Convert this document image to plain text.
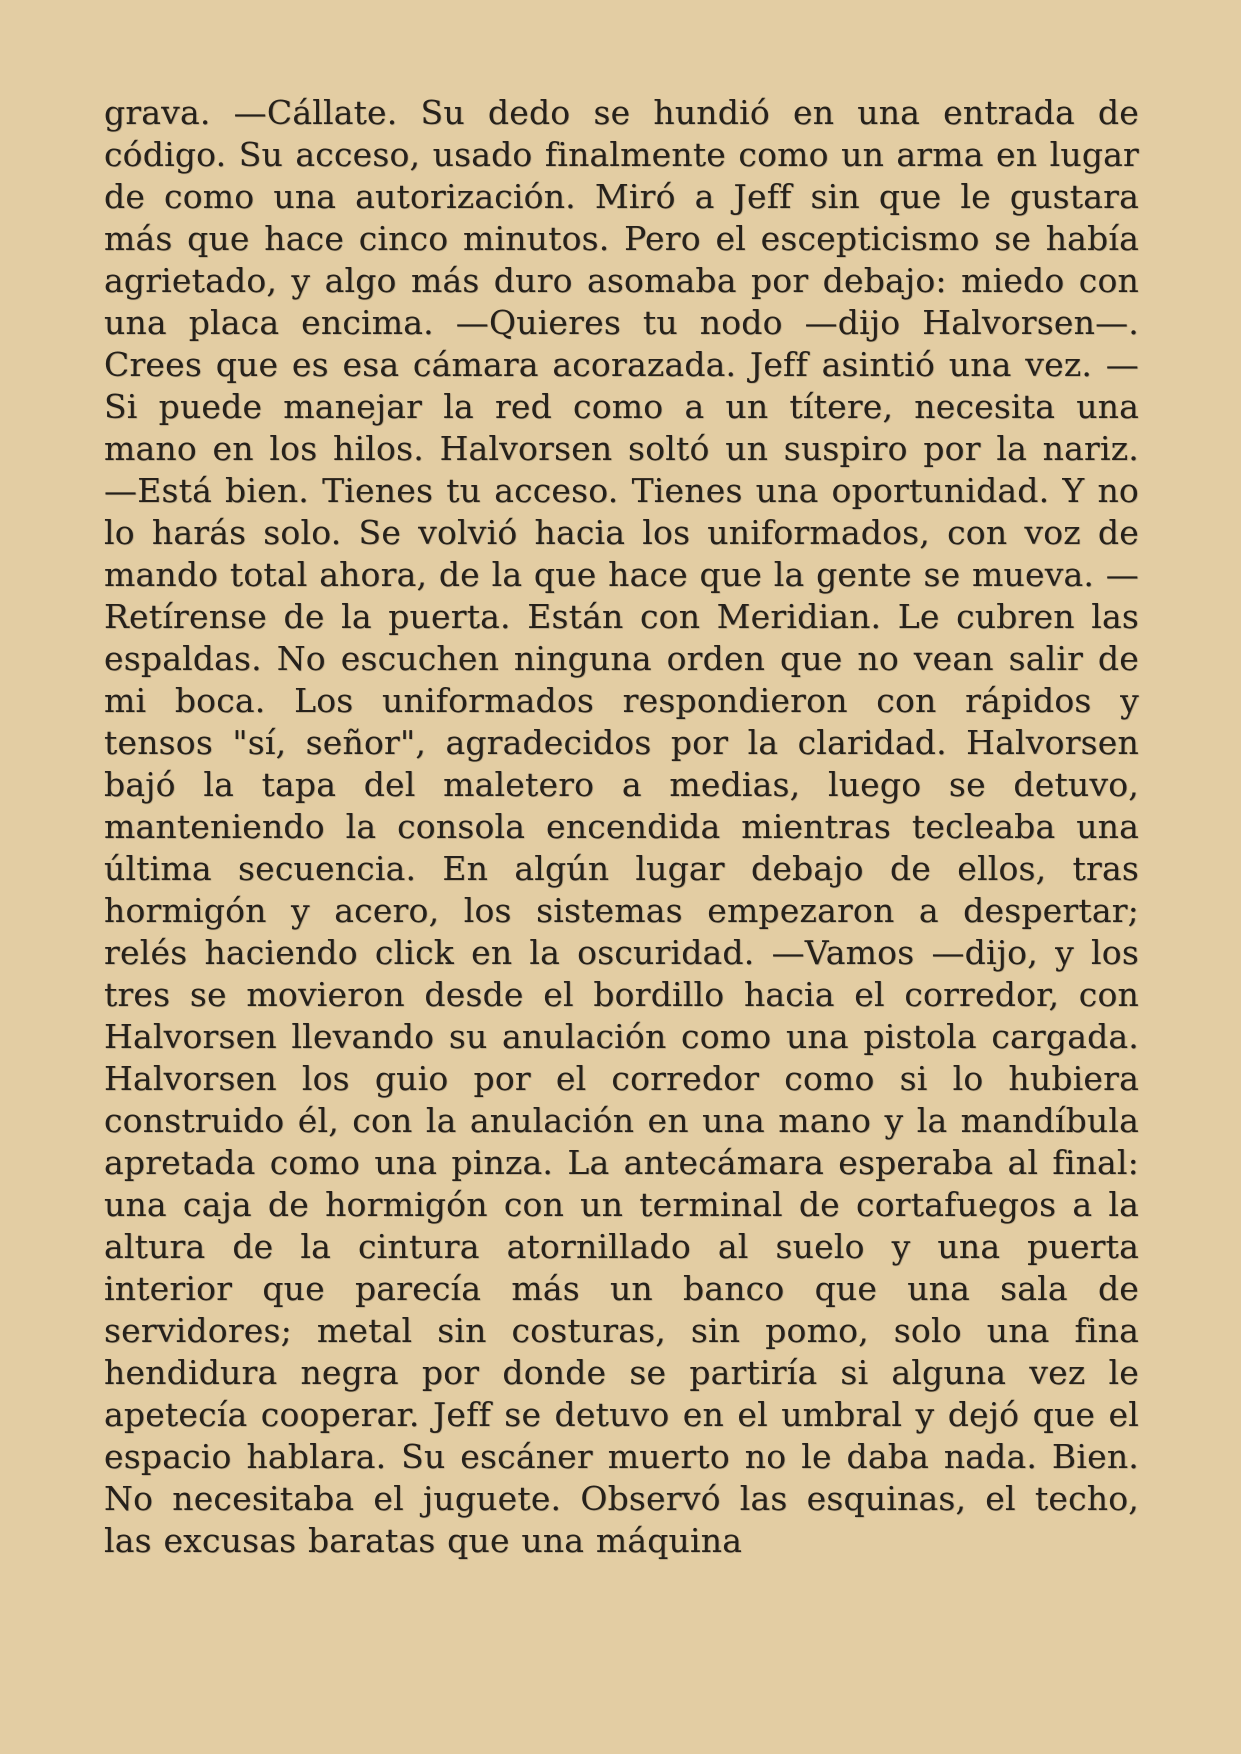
grava. —Cállate. Su dedo se hundió en una entrada de código. Su acceso, usado finalmente como un arma en lugar de como una autorización. Miró a Jeff sin que le gustara más que hace cinco minutos. Pero el escepticismo se había agrietado, y algo más duro asomaba por debajo: miedo con una placa encima. —Quieres tu nodo —dijo Halvorsen—. Crees que es esa cámara acorazada. Jeff asintió una vez. —Si puede manejar la red como a un títere, necesita una mano en los hilos. Halvorsen soltó un suspiro por la nariz. —Está bien. Tienes tu acceso. Tienes una oportunidad. Y no lo harás solo. Se volvió hacia los uniformados, con voz de mando total ahora, de la que hace que la gente se mueva. —Retírense de la puerta. Están con Meridian. Le cubren las espaldas. No escuchen ninguna orden que no vean salir de mi boca. Los uniformados respondieron con rápidos y tensos "sí, señor", agradecidos por la claridad. Halvorsen bajó la tapa del maletero a medias, luego se detuvo, manteniendo la consola encendida mientras tecleaba una última secuencia. En algún lugar debajo de ellos, tras hormigón y acero, los sistemas empezaron a despertar; relés haciendo click en la oscuridad. —Vamos —dijo, y los tres se movieron desde el bordillo hacia el corredor, con Halvorsen llevando su anulación como una pistola cargada. Halvorsen los guio por el corredor como si lo hubiera construido él, con la anulación en una mano y la mandíbula apretada como una pinza. La antecámara esperaba al final: una caja de hormigón con un terminal de cortafuegos a la altura de la cintura atornillado al suelo y una puerta interior que parecía más un banco que una sala de servidores; metal sin costuras, sin pomo, solo una fina hendidura negra por donde se partiría si alguna vez le apetecía cooperar. Jeff se detuvo en el umbral y dejó que el espacio hablara. Su escáner muerto no le daba nada. Bien. No necesitaba el juguete. Observó las esquinas, el techo, las excusas baratas que una máquina
